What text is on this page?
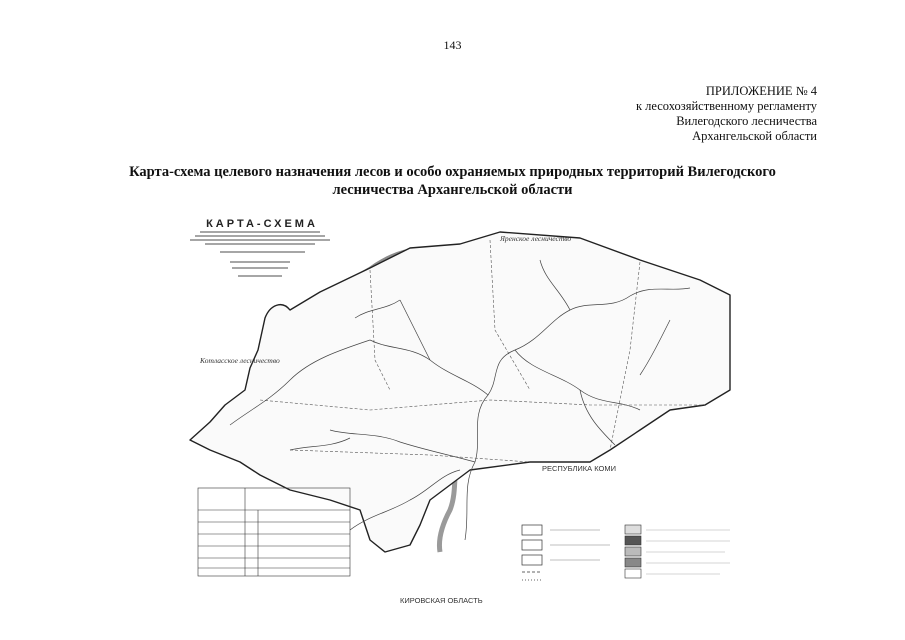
143
ПРИЛОЖЕНИЕ № 4
к лесохозяйственному регламенту
Вилегодского лесничества
Архангельской области
Карта-схема целевого назначения лесов и особо охраняемых природных территорий Вилегодского
лесничества Архангельской области
КАРТА-СХЕМА
Яренское лесничество
Котласское лесничество
РЕСПУБЛИКА КОМИ
КИРОВСКАЯ ОБЛАСТЬ
